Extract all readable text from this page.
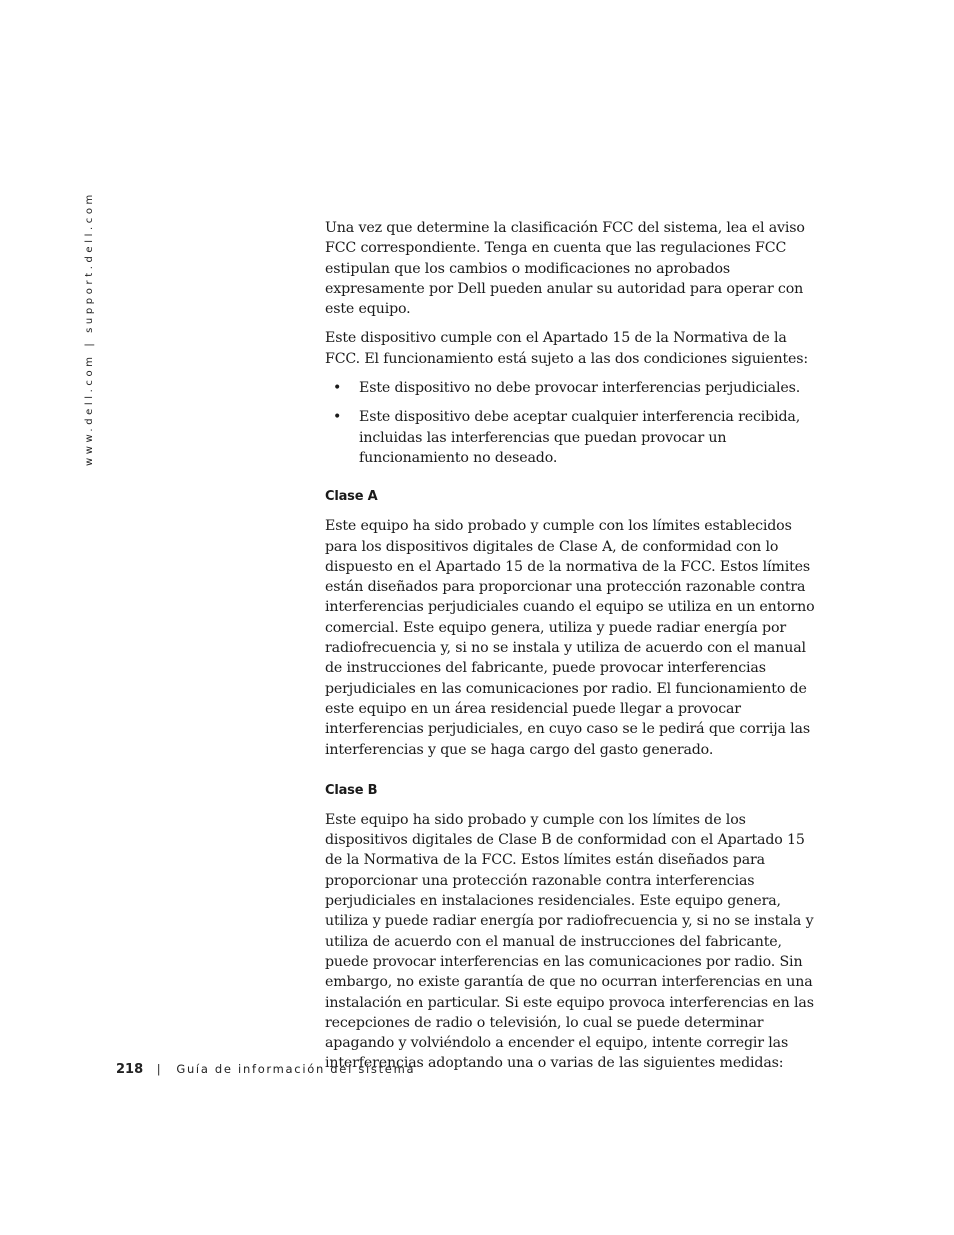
www.dell.com | support.dell.com	Una vez que determine la clasificación FCC del sistema, lea el aviso FCC correspondiente. Tenga en cuenta que las regulaciones FCC estipulan que los cambios o modificaciones no aprobados expresamente por Dell pueden anular su autoridad para operar con este equipo.

Este dispositivo cumple con el Apartado 15 de la Normativa de la FCC. El funcionamiento está sujeto a las dos condiciones siguientes:

• Este dispositivo no debe provocar interferencias perjudiciales.
• Este dispositivo debe aceptar cualquier interferencia recibida, incluidas las interferencias que puedan provocar un funcionamiento no deseado.
Clase A

Este equipo ha sido probado y cumple con los límites establecidos para los dispositivos digitales de Clase A, de conformidad con lo dispuesto en el Apartado 15 de la normativa de la FCC. Estos límites están diseñados para proporcionar una protección razonable contra interferencias perjudiciales cuando el equipo se utiliza en un entorno comercial. Este equipo genera, utiliza y puede radiar energía por radiofrecuencia y, si no se instala y utiliza de acuerdo con el manual de instrucciones del fabricante, puede provocar interferencias perjudiciales en las comunicaciones por radio. El funcionamiento de este equipo en un área residencial puede llegar a provocar interferencias perjudiciales, en cuyo caso se le pedirá que corrija las interferencias y que se haga cargo del gasto generado.

Clase B

Este equipo ha sido probado y cumple con los límites de los dispositivos digitales de Clase B de conformidad con el Apartado 15 de la Normativa de la FCC. Estos límites están diseñados para proporcionar una protección razonable contra interferencias perjudiciales en instalaciones residenciales. Este equipo genera, utiliza y puede radiar energía por radiofrecuencia y, si no se instala y utiliza de acuerdo con el manual de instrucciones del fabricante, puede provocar interferencias en las comunicaciones por radio. Sin embargo, no existe garantía de que no ocurran interferencias en una instalación en particular. Si este equipo provoca interferencias en las recepciones de radio o televisión, lo cual se puede determinar apagando y volviéndolo a encender el equipo, intente corregir las interferencias adoptando una o varias de las siguientes medidas:

218 | Guía de información del sistema
